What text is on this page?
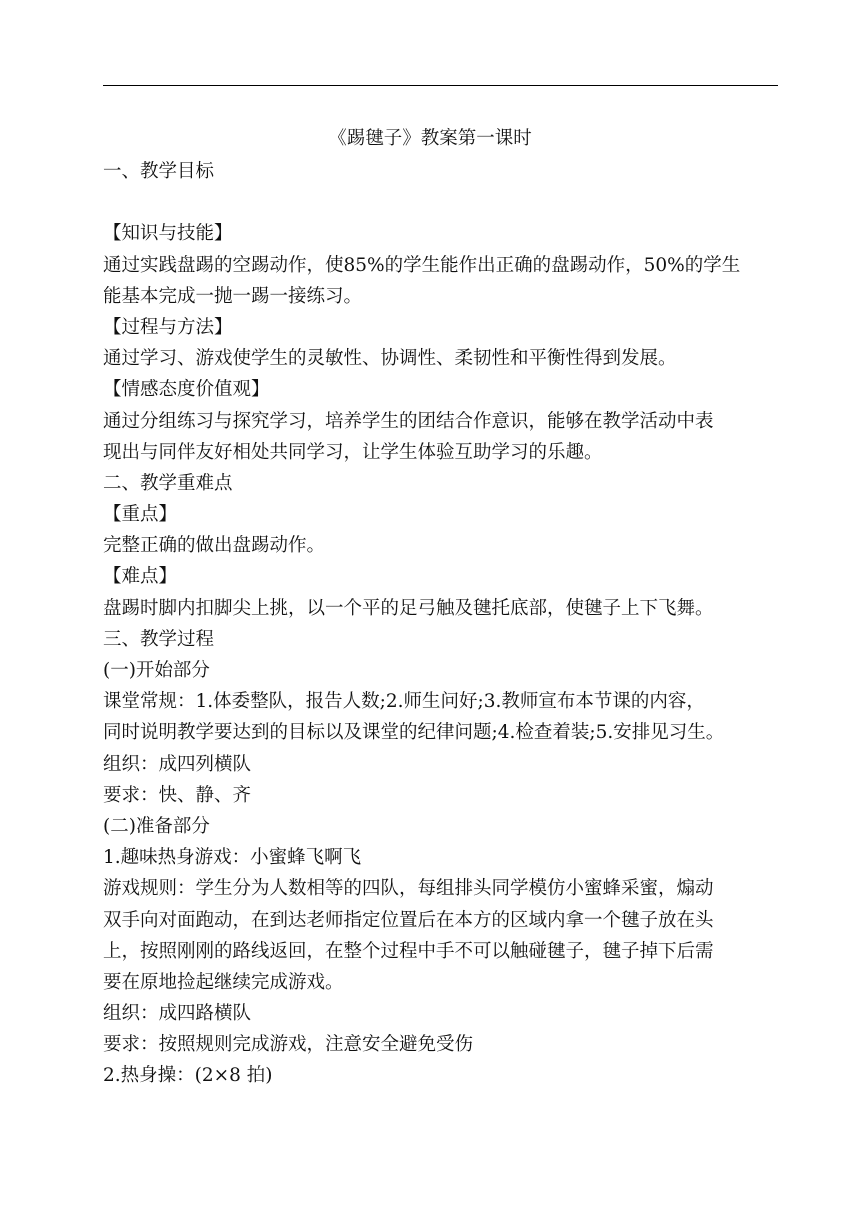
《踢毽子》教案第一课时
一、教学目标
【知识与技能】
通过实践盘踢的空踢动作，使85%的学生能作出正确的盘踢动作，50%的学生
能基本完成一抛一踢一接练习。
【过程与方法】
通过学习、游戏使学生的灵敏性、协调性、柔韧性和平衡性得到发展。
【情感态度价值观】
通过分组练习与探究学习，培养学生的团结合作意识，能够在教学活动中表
现出与同伴友好相处共同学习，让学生体验互助学习的乐趣。
二、教学重难点
【重点】
完整正确的做出盘踢动作。
【难点】
盘踢时脚内扣脚尖上挑，以一个平的足弓触及毽托底部，使毽子上下飞舞。
三、教学过程
(一)开始部分
课堂常规：1.体委整队，报告人数;2.师生问好;3.教师宣布本节课的内容，
同时说明教学要达到的目标以及课堂的纪律问题;4.检查着装;5.安排见习生。
组织：成四列横队
要求：快、静、齐
(二)准备部分
1.趣味热身游戏：小蜜蜂飞啊飞
游戏规则：学生分为人数相等的四队，每组排头同学模仿小蜜蜂采蜜，煽动
双手向对面跑动，在到达老师指定位置后在本方的区域内拿一个毽子放在头
上，按照刚刚的路线返回，在整个过程中手不可以触碰毽子，毽子掉下后需
要在原地捡起继续完成游戏。
组织：成四路横队
要求：按照规则完成游戏，注意安全避免受伤
2.热身操：(2×8 拍)
